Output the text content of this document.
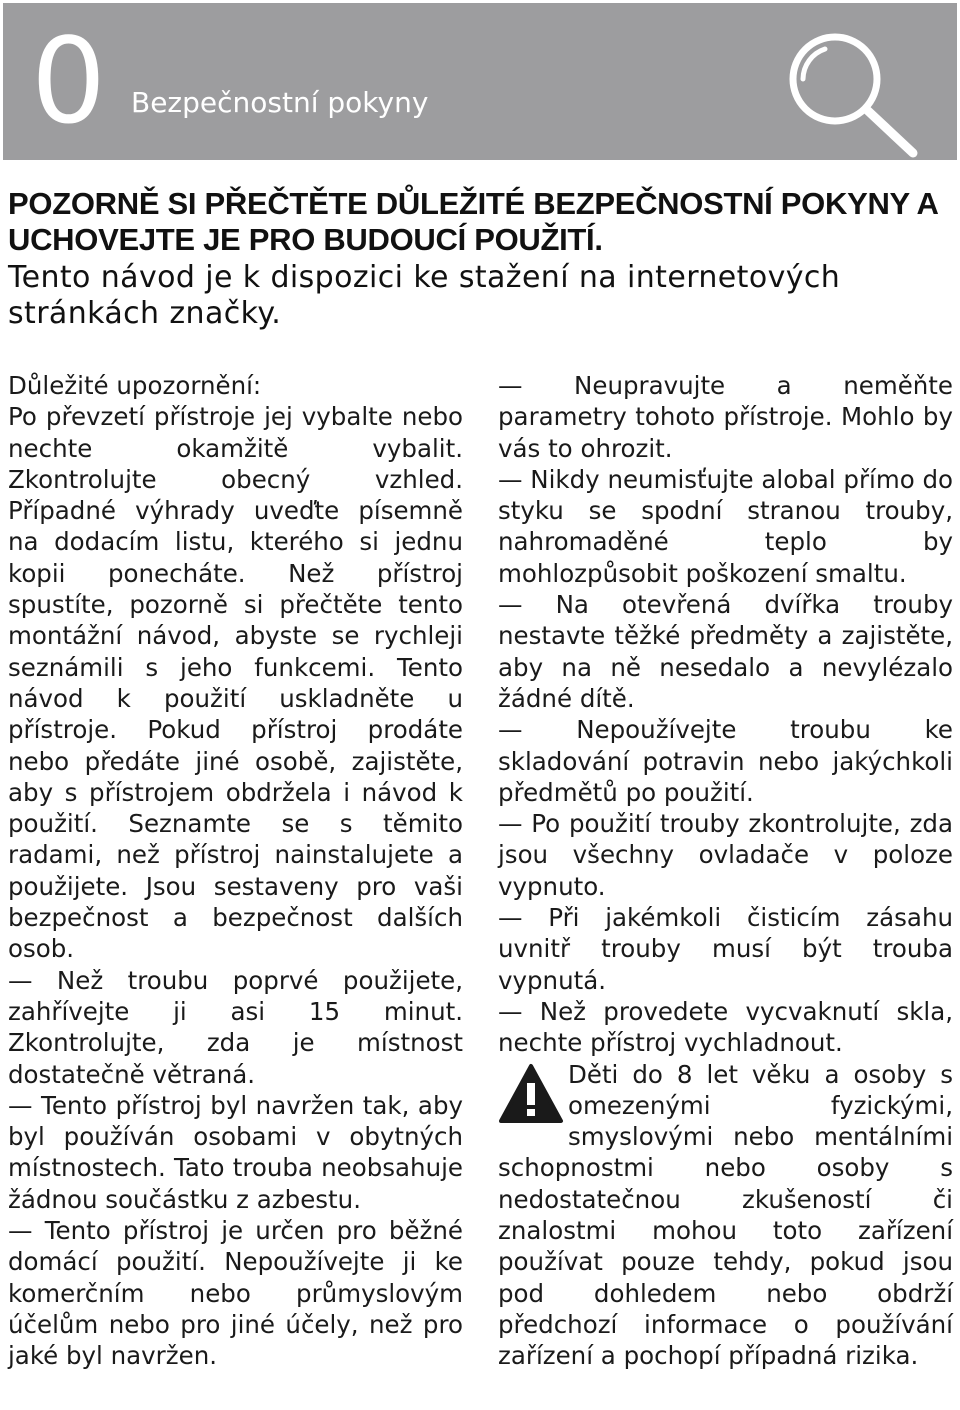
0 Bezpečnostní pokyny
POZORNĚ SI PŘEČTĚTE DŮLEŽITÉ BEZPEČNOSTNÍ POKYNY A UCHOVEJTE JE PRO BUDOUCÍ POUŽITÍ.
Tento návod je k dispozici ke stažení na internetových stránkách značky.

Důležité upozornění:
Po převzetí přístroje jej vybalte nebo nechte okamžitě vybalit. Zkontrolujte obecný vzhled. Případné výhrady uveďte písemně na dodacím listu, kterého si jednu kopii ponecháte. Než přístroj spustíte, pozorně si přečtěte tento montážní návod, abyste se rychleji seznámili s jeho funkcemi. Tento návod k použití uskladněte u přístroje. Pokud přístroj prodáte nebo předáte jiné osobě, zajistěte, aby s přístrojem obdržela i návod k použití. Seznamte se s těmito radami, než přístroj nainstalujete a použijete. Jsou sestaveny pro vaši bezpečnost a bezpečnost dalších osob.

— Než troubu poprvé použijete, zahřívejte ji asi 15 minut. Zkontrolujte, zda je místnost dostatečně větraná.

— Tento přístroj byl navržen tak, aby byl používán osobami v obytných místnostech. Tato trouba neobsahuje žádnou součástku z azbestu.

— Tento přístroj je určen pro běžné domácí použití. Nepoužívejte ji ke komerčním nebo průmyslovým účelům nebo pro jiné účely, než pro jaké byl navržen.

— Neupravujte a neměňte parametry tohoto přístroje. Mohlo by vás to ohrozit.

— Nikdy neumisťujte alobal přímo do styku se spodní stranou trouby, nahromaděné teplo by mohlozpůsobit poškození smaltu.

— Na otevřená dvířka trouby nestavte těžké předměty a zajistěte, aby na ně nesedalo a nevylézalo žádné dítě.

— Nepoužívejte troubu ke skladování potravin nebo jakýchkoli předmětů po použití.

— Po použití trouby zkontrolujte, zda jsou všechny ovladače v poloze vypnuto.

— Při jakémkoli čisticím zásahu uvnitř trouby musí být trouba vypnutá.

— Než provedete vycvaknutí skla, nechte přístroj vychladnout.

Děti do 8 let věku a osoby s omezenými fyzickými, smyslovými nebo mentálními schopnostmi nebo osoby s nedostatečnou zkušeností či znalostmi mohou toto zařízení používat pouze tehdy, pokud jsou pod dohledem nebo obdrží předchozí informace o používání zařízení a pochopí případná rizika.
